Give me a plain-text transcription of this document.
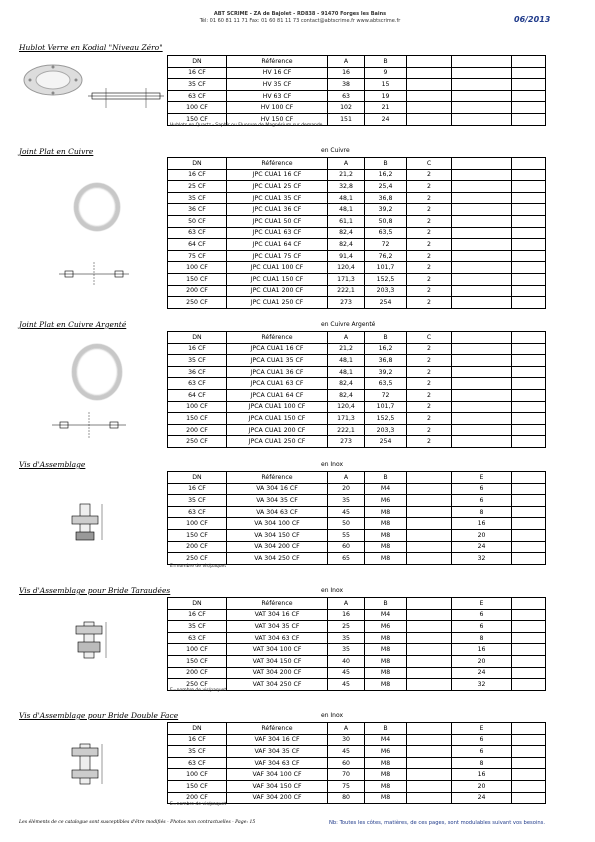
ABT SCRIME - ZA de Bajolet - RD838 - 91470 Forges les Bains
Tél: 01 60 81 11 71 Fax: 01 60 81 11 73 contact@abtscrime.fr www.abtscrime.fr	06/2013
Hublot Verre en Kodial "Niveau Zéro"
DN	Référence	A	B			
16 CF	HV 16 CF	16	9			
35 CF	HV 35 CF	38	15			
63 CF	HV 63 CF	63	19			
100 CF	HV 100 CF	102	21			
150 CF	HV 150 CF	151	24			
Hublots en Quartz - Saphir ou Fluorure de Magnésium sur demande
Joint Plat en Cuivre	en Cuivre
DN	Référence	A	B	C		
16 CF	JPC CUA1 16 CF	21,2	16,2	2		
25 CF	JPC CUA1 25 CF	32,8	25,4	2		
35 CF	JPC CUA1 35 CF	48,1	36,8	2		
36 CF	JPC CUA1 36 CF	48,1	39,2	2		
50 CF	JPC CUA1 50 CF	61,1	50,8	2		
63 CF	JPC CUA1 63 CF	82,4	63,5	2		
64 CF	JPC CUA1 64 CF	82,4	72	2		
75 CF	JPC CUA1 75 CF	91,4	76,2	2		
100 CF	JPC CUA1 100 CF	120,4	101,7	2		
150 CF	JPC CUA1 150 CF	171,3	152,5	2		
200 CF	JPC CUA1 200 CF	222,1	203,3	2		
250 CF	JPC CUA1 250 CF	273	254	2		
Joint Plat en Cuivre Argenté	en Cuivre Argenté
DN	Référence	A	B	C		
16 CF	JPCA CUA1 16 CF	21,2	16,2	2		
35 CF	JPCA CUA1 35 CF	48,1	36,8	2		
36 CF	JPCA CUA1 36 CF	48,1	39,2	2		
63 CF	JPCA CUA1 63 CF	82,4	63,5	2		
64 CF	JPCA CUA1 64 CF	82,4	72	2		
100 CF	JPCA CUA1 100 CF	120,4	101,7	2		
150 CF	JPCA CUA1 150 CF	171,3	152,5	2		
200 CF	JPCA CUA1 200 CF	222,1	203,3	2		
250 CF	JPCA CUA1 250 CF	273	254	2		
Vis d'Assemblage	en Inox
DN	Référence	A	B		E	
16 CF	VA 304 16 CF	20	M4		6	
35 CF	VA 304 35 CF	35	M6		6	
63 CF	VA 304 63 CF	45	M8		8	
100 CF	VA 304 100 CF	50	M8		16	
150 CF	VA 304 150 CF	55	M8		20	
200 CF	VA 304 200 CF	60	M8		24	
250 CF	VA 304 250 CF	65	M8		32	
E=nombre de vis/paquet
Vis d'Assemblage pour Bride Taraudées	en Inox
DN	Référence	A	B		E	
16 CF	VAT 304 16 CF	16	M4		6	
35 CF	VAT 304 35 CF	25	M6		6	
63 CF	VAT 304 63 CF	35	M8		8	
100 CF	VAT 304 100 CF	35	M8		16	
150 CF	VAT 304 150 CF	40	M8		20	
200 CF	VAT 304 200 CF	45	M8		24	
250 CF	VAT 304 250 CF	45	M8		32	
E=nombre de vis/paquet
Vis d'Assemblage pour Bride Double Face	en Inox
DN	Référence	A	B		E	
16 CF	VAF 304 16 CF	30	M4		6	
35 CF	VAF 304 35 CF	45	M6		6	
63 CF	VAF 304 63 CF	60	M8		8	
100 CF	VAF 304 100 CF	70	M8		16	
150 CF	VAF 304 150 CF	75	M8		20	
200 CF	VAF 304 200 CF	80	M8		24	
E=nombre de vis/paquet
Les éléments de ce catalogue sont susceptibles d'être modifiés - Photos non contractuelles - Page: 15	Nb: Toutes les côtes, matières, de ces pages, sont modulables suivant vos besoins.
